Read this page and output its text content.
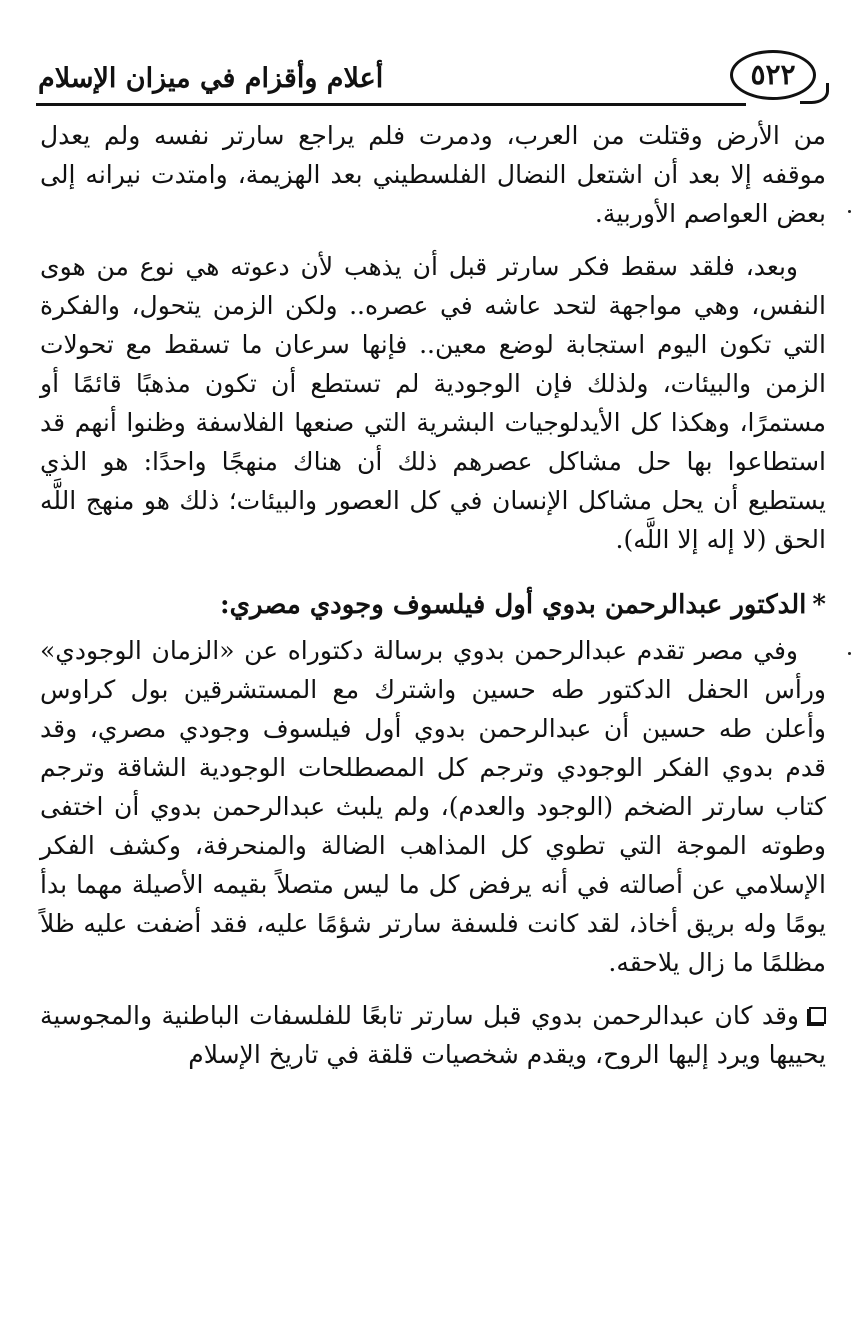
أعلام وأقزام في ميزان الإسلام	٥٢٢

من الأرض وقتلت من العرب، ودمرت فلم يراجع سارتر نفسه ولم يعدل موقفه إلا بعد أن اشتعل النضال الفلسطيني بعد الهزيمة، وامتدت نيرانه إلى بعض العواصم الأوربية.

وبعد، فلقد سقط فكر سارتر قبل أن يذهب لأن دعوته هي نوع من هوى النفس، وهي مواجهة لتحد عاشه في عصره.. ولكن الزمن يتحول، والفكرة التي تكون اليوم استجابة لوضع معين.. فإنها سرعان ما تسقط مع تحولات الزمن والبيئات، ولذلك فإن الوجودية لم تستطع أن تكون مذهبًا قائمًا أو مستمرًا، وهكذا كل الأيدلوجيات البشرية التي صنعها الفلاسفة وظنوا أنهم قد استطاعوا بها حل مشاكل عصرهم ذلك أن هناك منهجًا واحدًا: هو الذي يستطيع أن يحل مشاكل الإنسان في كل العصور والبيئات؛ ذلك هو منهج اللَّه الحق (لا إله إلا اللَّه).

*الدكتور عبدالرحمن بدوي أول فيلسوف وجودي مصري:

وفي مصر تقدم عبدالرحمن بدوي برسالة دكتوراه عن «الزمان الوجودي» ورأس الحفل الدكتور طه حسين واشترك مع المستشرقين بول كراوس وأعلن طه حسين أن عبدالرحمن بدوي أول فيلسوف وجودي مصري، وقد قدم بدوي الفكر الوجودي وترجم كل المصطلحات الوجودية الشاقة وترجم كتاب سارتر الضخم (الوجود والعدم)، ولم يلبث عبدالرحمن بدوي أن اختفى وطوته الموجة التي تطوي كل المذاهب الضالة والمنحرفة، وكشف الفكر الإسلامي عن أصالته في أنه يرفض كل ما ليس متصلاً بقيمه الأصيلة مهما بدأ يومًا وله بريق أخاذ، لقد كانت فلسفة سارتر شؤمًا عليه، فقد أضفت عليه ظلاً مظلمًا ما زال يلاحقه.

وقد كان عبدالرحمن بدوي قبل سارتر تابعًا للفلسفات الباطنية والمجوسية يحييها ويرد إليها الروح، ويقدم شخصيات قلقة في تاريخ الإسلام
